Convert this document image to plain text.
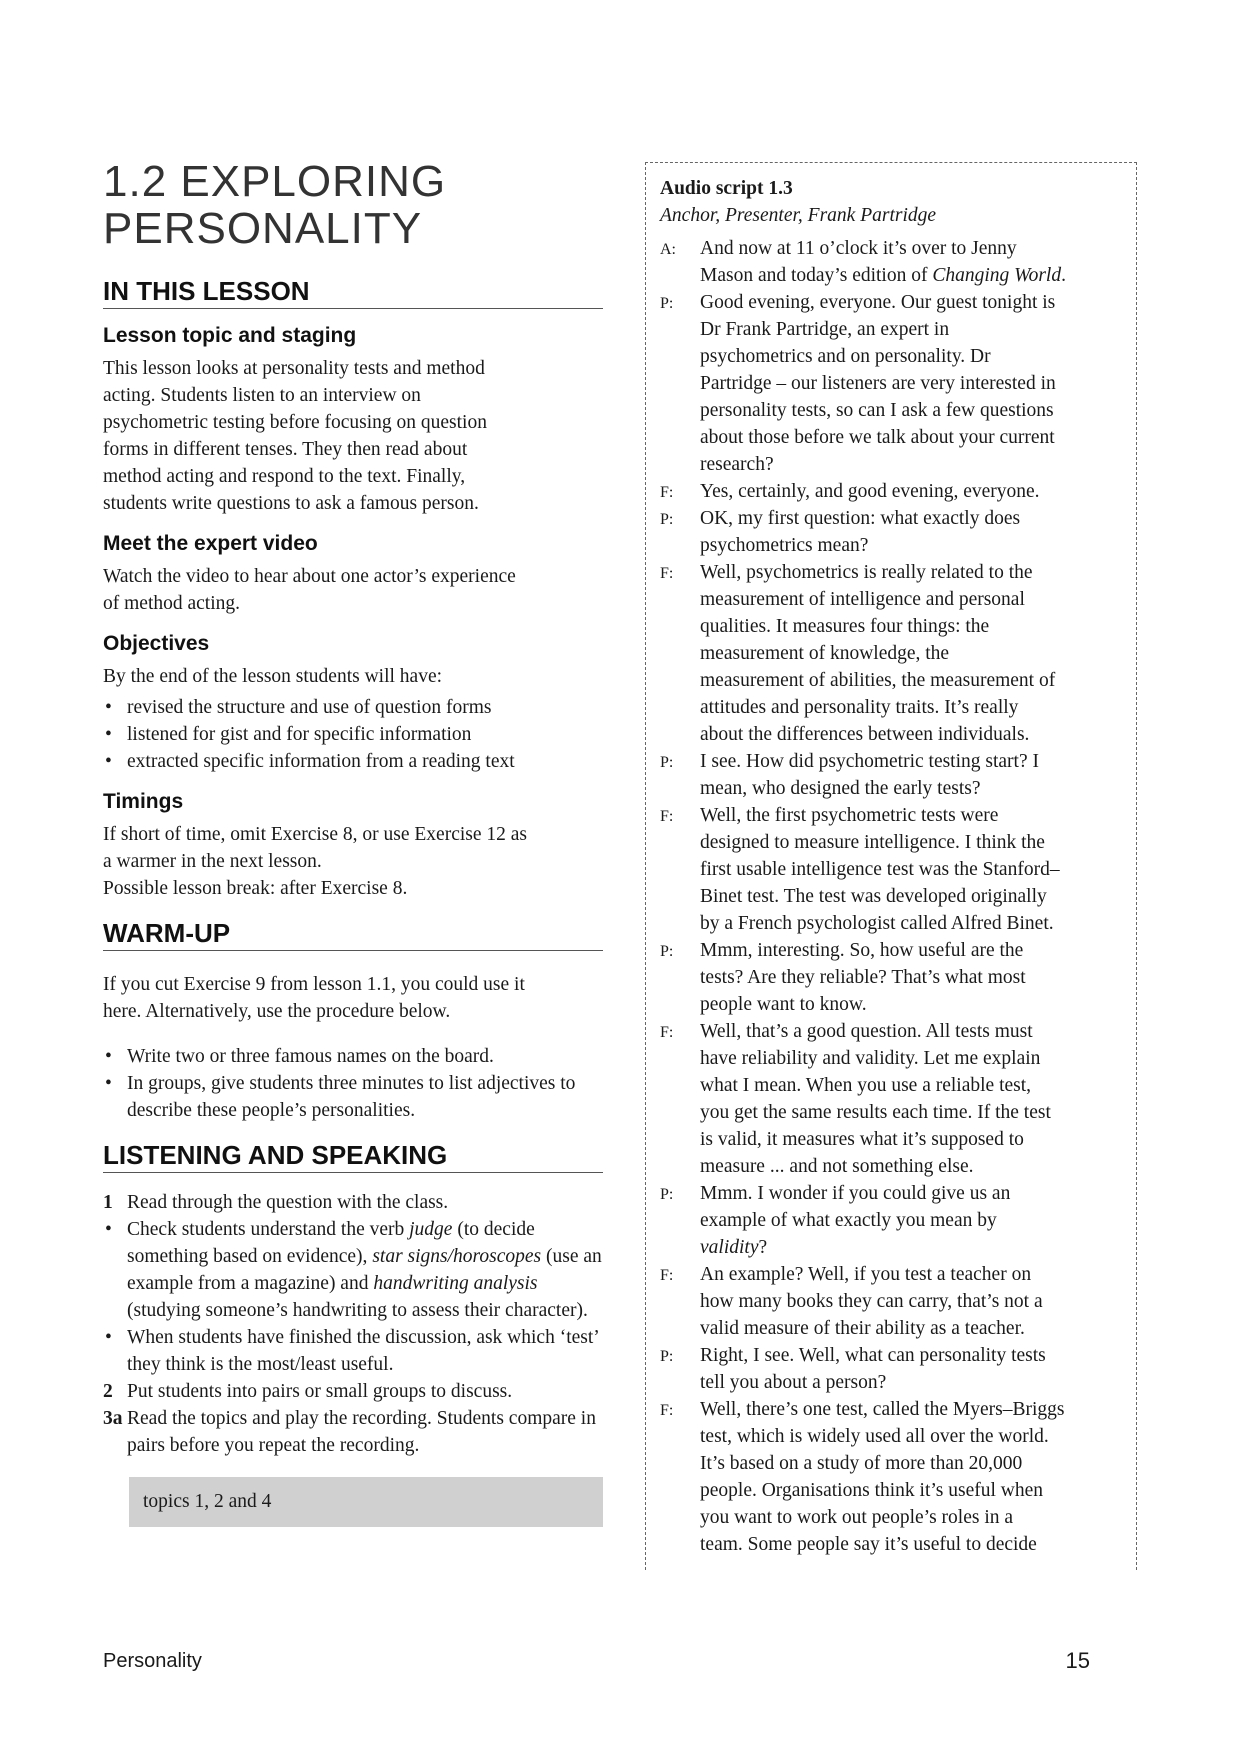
1.2 EXPLORING
PERSONALITY
IN THIS LESSON
Lesson topic and staging

This lesson looks at personality tests and method
acting. Students listen to an interview on
psychometric testing before focusing on question
forms in different tenses. They then read about
method acting and respond to the text. Finally,
students write questions to ask a famous person.

Meet the expert video

Watch the video to hear about one actor’s experience
of method acting.

Objectives

By the end of the lesson students will have:

• revised the structure and use of question forms
• listened for gist and for specific information
• extracted specific information from a reading text
Timings

If short of time, omit Exercise 8, or use Exercise 12 as
a warmer in the next lesson.
Possible lesson break: after Exercise 8.

WARM-UP

If you cut Exercise 9 from lesson 1.1, you could use it
here. Alternatively, use the procedure below.

• Write two or three famous names on the board.
• In groups, give students three minutes to list adjectives to describe these people’s personalities.
LISTENING AND SPEAKING
1 Read through the question with the class.
• Check students understand the verb judge (to decide something based on evidence), star signs/horoscopes (use an example from a magazine) and handwriting analysis (studying someone’s handwriting to assess their character).
• When students have finished the discussion, ask which ‘test’ they think is the most/least useful.
2 Put students into pairs or small groups to discuss.
3a Read the topics and play the recording. Students compare in pairs before you repeat the recording.
topics 1, 2 and 4

Audio script 1.3

Anchor, Presenter, Frank Partridge

A: And now at 11 o’clock it’s over to Jenny
Mason and today’s edition of Changing World.

P: Good evening, everyone. Our guest tonight is
Dr Frank Partridge, an expert in
psychometrics and on personality. Dr
Partridge – our listeners are very interested in
personality tests, so can I ask a few questions
about those before we talk about your current
research?

F: Yes, certainly, and good evening, everyone.

P: OK, my first question: what exactly does
psychometrics mean?

F: Well, psychometrics is really related to the
measurement of intelligence and personal
qualities. It measures four things: the
measurement of knowledge, the
measurement of abilities, the measurement of
attitudes and personality traits. It’s really
about the differences between individuals.

P: I see. How did psychometric testing start? I
mean, who designed the early tests?

F: Well, the first psychometric tests were
designed to measure intelligence. I think the
first usable intelligence test was the Stanford–
Binet test. The test was developed originally
by a French psychologist called Alfred Binet.

P: Mmm, interesting. So, how useful are the
tests? Are they reliable? That’s what most
people want to know.

F: Well, that’s a good question. All tests must
have reliability and validity. Let me explain
what I mean. When you use a reliable test,
you get the same results each time. If the test
is valid, it measures what it’s supposed to
measure ... and not something else.

P: Mmm. I wonder if you could give us an
example of what exactly you mean by
validity?

F: An example? Well, if you test a teacher on
how many books they can carry, that’s not a
valid measure of their ability as a teacher.

P: Right, I see. Well, what can personality tests
tell you about a person?

F: Well, there’s one test, called the Myers–Briggs
test, which is widely used all over the world.
It’s based on a study of more than 20,000
people. Organisations think it’s useful when
you want to work out people’s roles in a
team. Some people say it’s useful to decide

Personality	15
